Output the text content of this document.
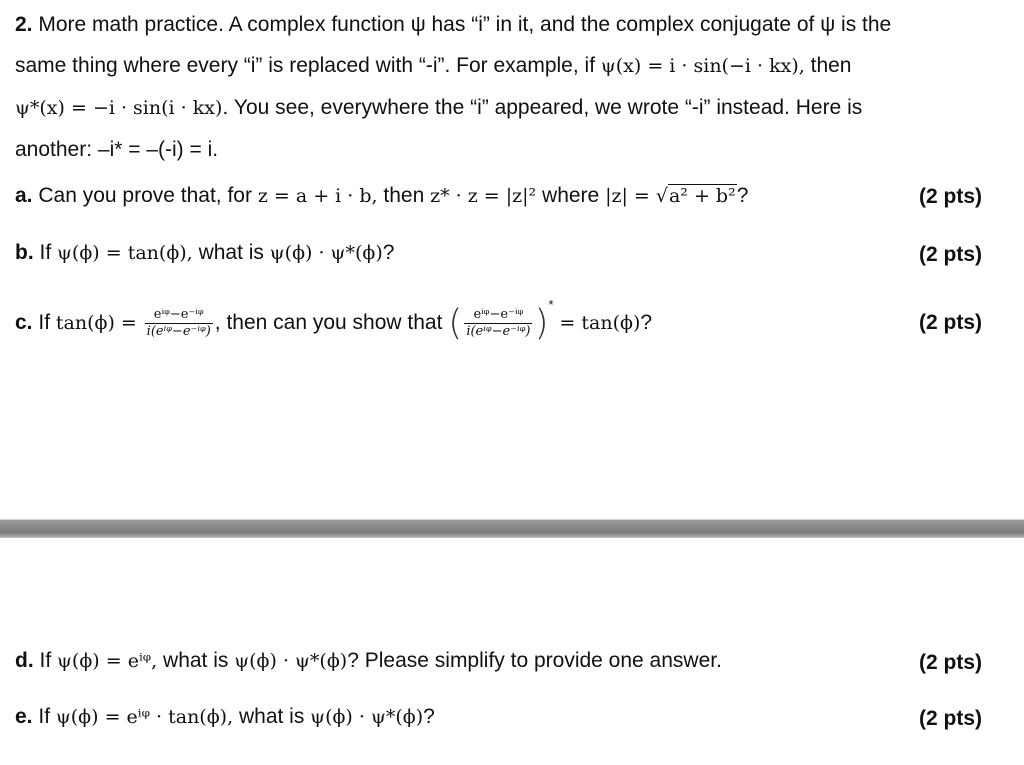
2. More math practice. A complex function ψ has “i” in it, and the complex conjugate of ψ is the
same thing where every “i” is replaced with “-i”. For example, if ψ(x) = i · sin(−i · kx), then
ψ*(x) = −i · sin(i · kx). You see, everywhere the “i” appeared, we wrote “-i” instead. Here is
another: –i* = –(-i) = i.
a. Can you prove that, for z = a + i · b, then z* · z = |z|² where |z| = √a² + b²?	(2 pts)
b. If ψ(ϕ) = tan(ϕ), what is ψ(ϕ) · ψ*(ϕ)?	(2 pts)
c. If $\tan(\phi) = \frac{\text{eⁱᵠ−e⁻ⁱᵠ}}{\text{i(eⁱᵠ−e⁻ⁱᵠ)}}$ , then can you show that ( $\frac{\text{eⁱᵠ−e⁻ⁱᵠ}}{\text{i(eⁱᵠ−e⁻ⁱᵠ)}} )^* = \tan(\phi)$?	(2 pts)
d. If ψ(ϕ) = eⁱᵠ, what is ψ(ϕ) · ψ*(ϕ)? Please simplify to provide one answer.	(2 pts)
e. If ψ(ϕ) = eⁱᵠ · tan(ϕ), what is ψ(ϕ) · ψ*(ϕ)?	(2 pts)
